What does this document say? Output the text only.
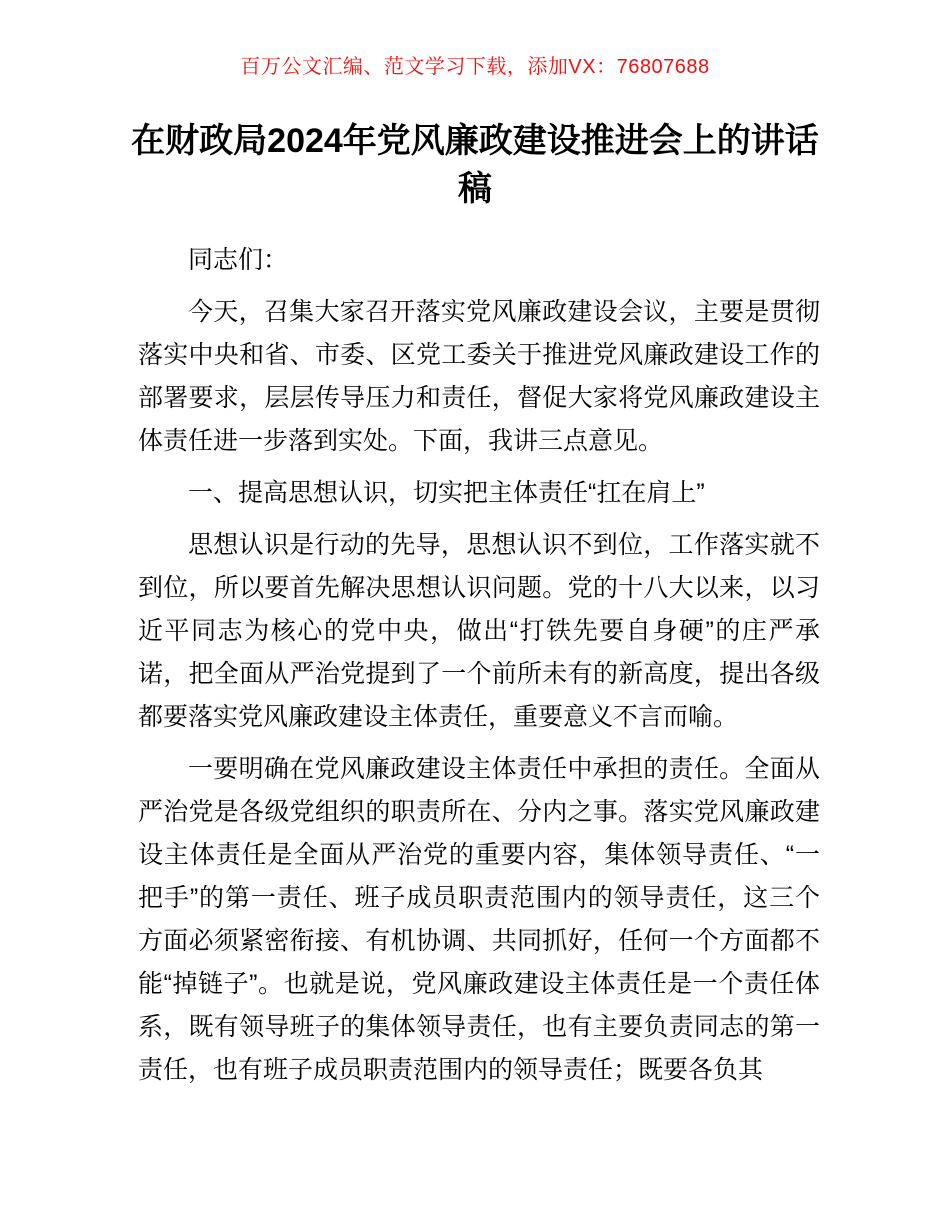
百万公文汇编、范文学习下载，添加VX：76807688
在财政局2024年党风廉政建设推进会上的讲话稿

同志们：

今天，召集大家召开落实党风廉政建设会议，主要是贯彻落实中央和省、市委、区党工委关于推进党风廉政建设工作的部署要求，层层传导压力和责任，督促大家将党风廉政建设主体责任进一步落到实处。下面，我讲三点意见。

一、提高思想认识，切实把主体责任“扛在肩上”

思想认识是行动的先导，思想认识不到位，工作落实就不到位，所以要首先解决思想认识问题。党的十八大以来，以习近平同志为核心的党中央，做出“打铁先要自身硬”的庄严承诺，把全面从严治党提到了一个前所未有的新高度，提出各级都要落实党风廉政建设主体责任，重要意义不言而喻。

一要明确在党风廉政建设主体责任中承担的责任。全面从严治党是各级党组织的职责所在、分内之事。落实党风廉政建设主体责任是全面从严治党的重要内容，集体领导责任、“一把手”的第一责任、班子成员职责范围内的领导责任，这三个方面必须紧密衔接、有机协调、共同抓好，任何一个方面都不能“掉链子”。也就是说，党风廉政建设主体责任是一个责任体系，既有领导班子的集体领导责任，也有主要负责同志的第一责任，也有班子成员职责范围内的领导责任；既要各负其
